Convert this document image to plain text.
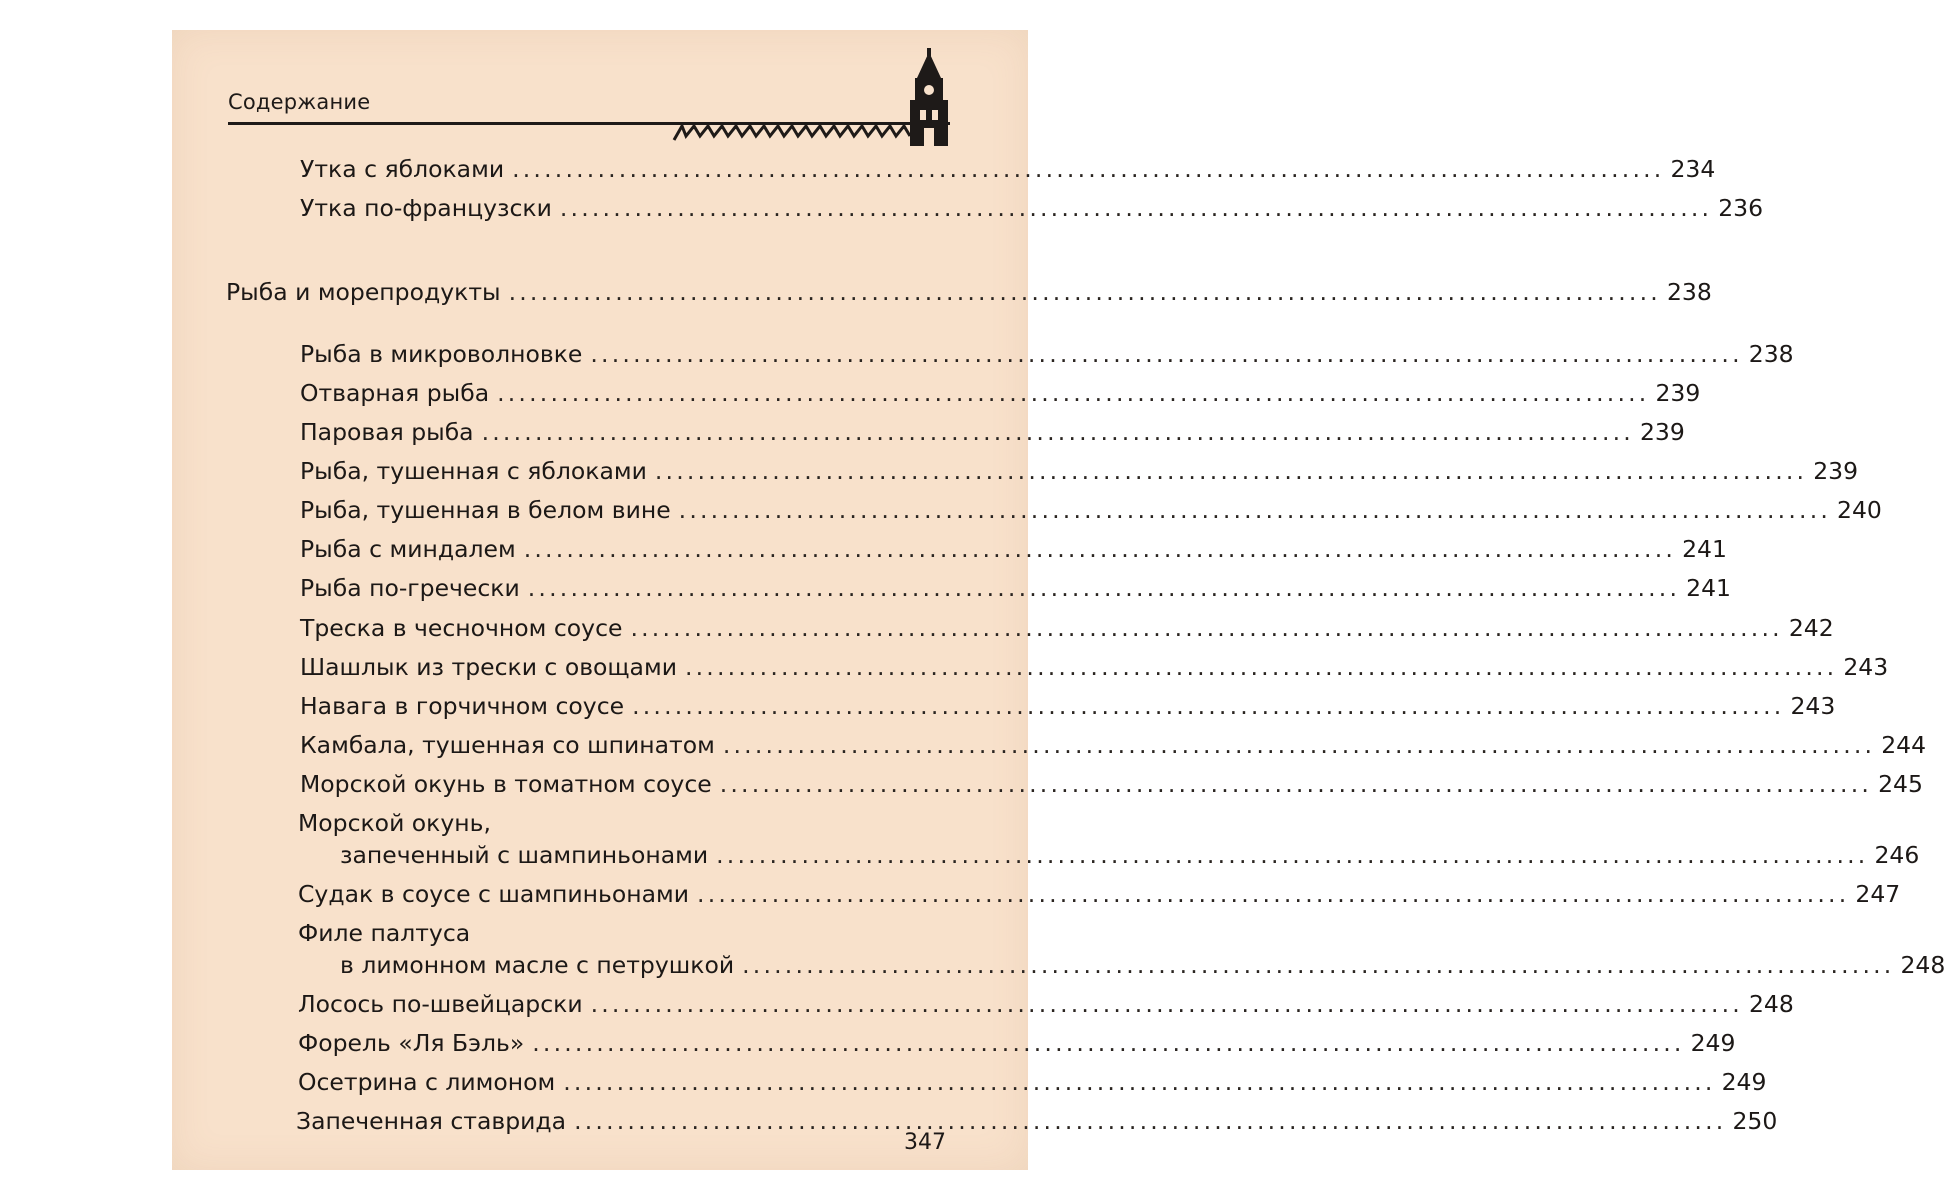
Содержание
Утка с яблоками ............................................................................................................ 234
Утка по-французски ............................................................................................................ 236
Рыба и морепродукты ............................................................................................................ 238
Рыба в микроволновке ............................................................................................................ 238
Отварная рыба ............................................................................................................ 239
Паровая рыба ............................................................................................................ 239
Рыба, тушенная с яблоками ............................................................................................................ 239
Рыба, тушенная в белом вине ............................................................................................................ 240
Рыба с миндалем ............................................................................................................ 241
Рыба по-гречески ............................................................................................................ 241
Треска в чесночном соусе ............................................................................................................ 242
Шашлык из трески с овощами ............................................................................................................ 243
Навага в горчичном соусе ............................................................................................................ 243
Камбала, тушенная со шпинатом ............................................................................................................ 244
Морской окунь в томатном соусе ............................................................................................................ 245
Морской окунь,
запеченный с шампиньонами ............................................................................................................ 246
Судак в соусе с шампиньонами ............................................................................................................ 247
Филе палтуса
в лимонном масле с петрушкой ............................................................................................................ 248
Лосось по-швейцарски ............................................................................................................ 248
Форель «Ля Бэль» ............................................................................................................ 249
Осетрина с лимоном ............................................................................................................ 249
Запеченная ставрида ............................................................................................................ 250
347
